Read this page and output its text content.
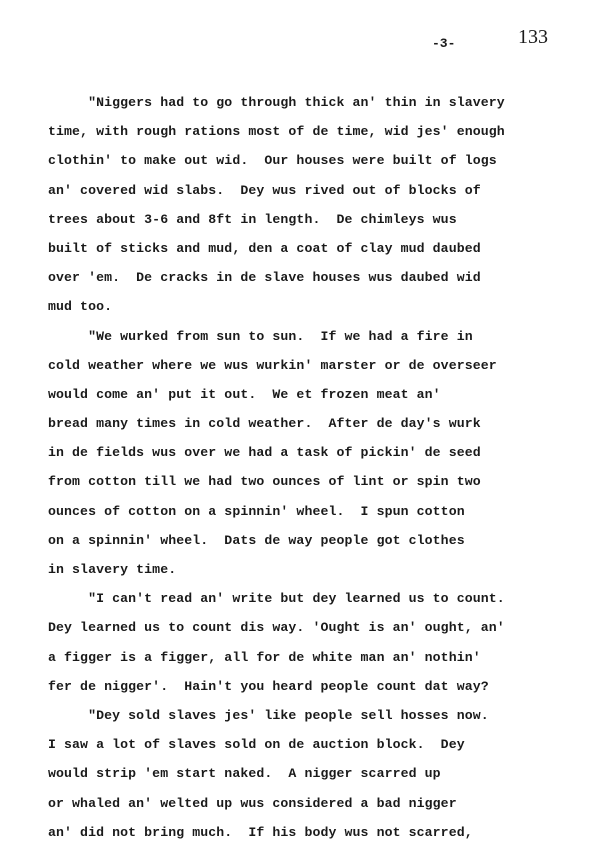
-3-	133
"Niggers had to go through thick an' thin in slavery
time, with rough rations most of de time, wid jes' enough
clothin' to make out wid.  Our houses were built of logs
an' covered wid slabs.  Dey wus rived out of blocks of
trees about 3-6 and 8ft in length.  De chimleys wus
built of sticks and mud, den a coat of clay mud daubed
over 'em.  De cracks in de slave houses wus daubed wid
mud too.
"We wurked from sun to sun.  If we had a fire in
cold weather where we wus wurkin' marster or de overseer
would come an' put it out.  We et frozen meat an'
bread many times in cold weather.  After de day's wurk
in de fields wus over we had a task of pickin' de seed
from cotton till we had two ounces of lint or spin two
ounces of cotton on a spinnin' wheel.  I spun cotton
on a spinnin' wheel.  Dats de way people got clothes
in slavery time.
"I can't read an' write but dey learned us to count.
Dey learned us to count dis way. 'Ought is an' ought, an'
a figger is a figger, all for de white man an' nothin'
fer de nigger'.  Hain't you heard people count dat way?
"Dey sold slaves jes' like people sell hosses now.
I saw a lot of slaves sold on de auction block.  Dey
would strip 'em start naked.  A nigger scarred up
or whaled an' welted up wus considered a bad nigger
an' did not bring much.  If his body wus not scarred,
